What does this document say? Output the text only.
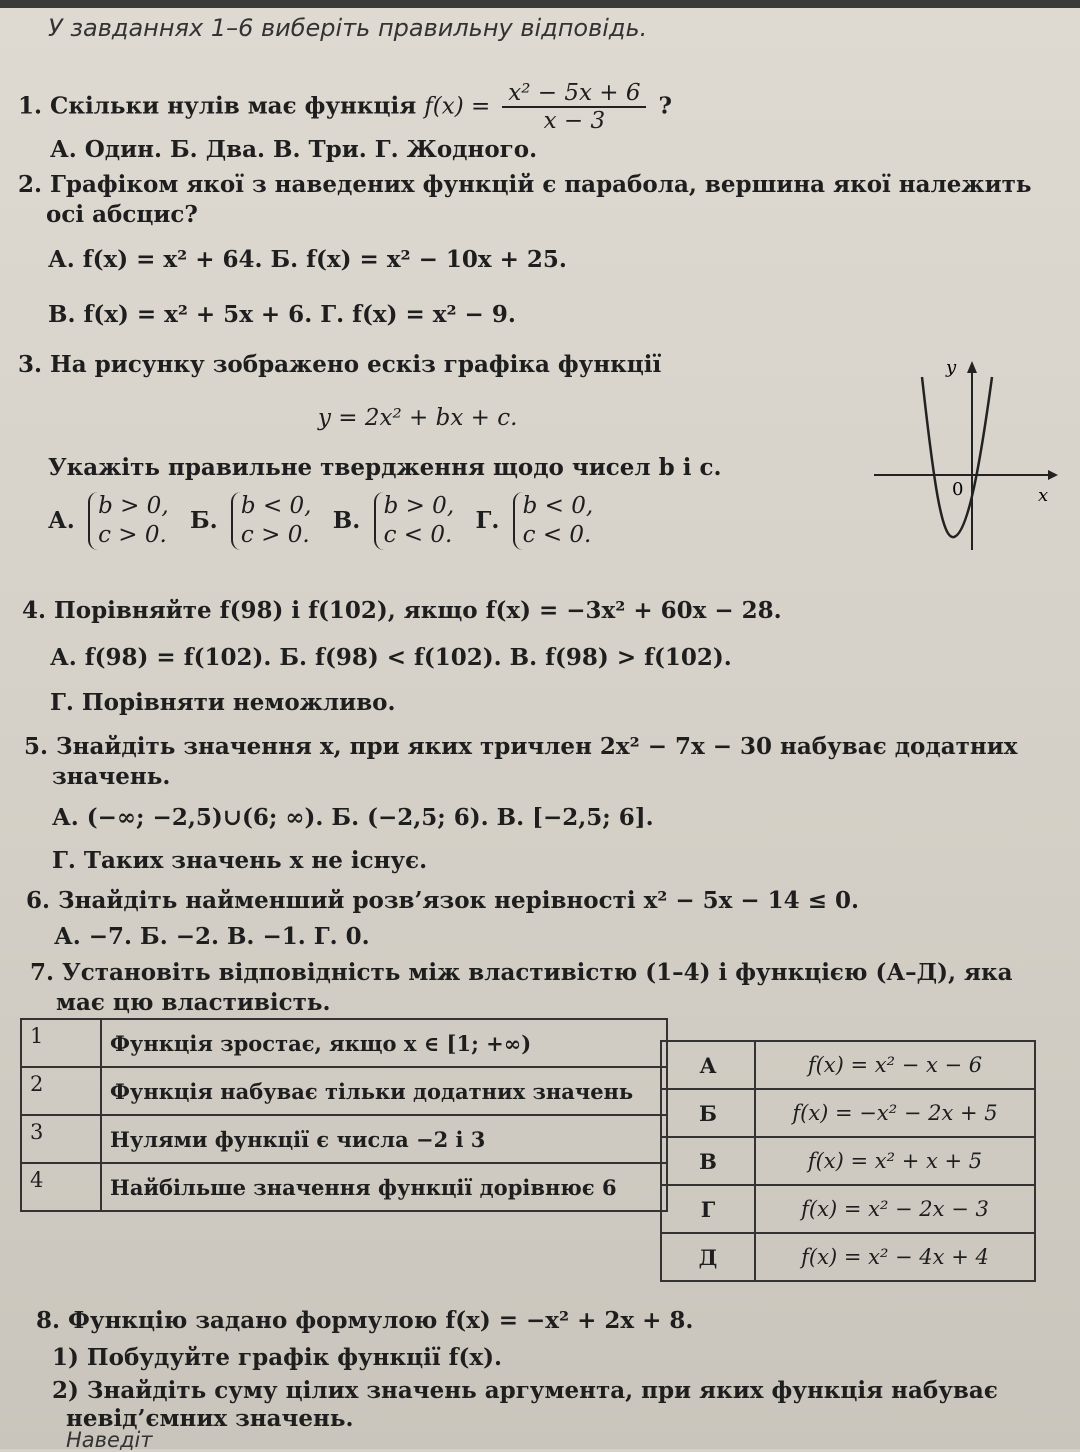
У завданнях 1–6 виберіть правильну відповідь.
1. Скільки нулів має функція $f(x) = \frac{\text{x² − 5x + 6}}{x - 3}$ ?
А. Один. Б. Два. В. Три. Г. Жодного.
2. Графіком якої з наведених функцій є парабола, вершина якої належить
осі абсцис?
А. f(x) = x² + 64. Б. f(x) = x² − 10x + 25.
В. f(x) = x² + 5x + 6. Г. f(x) = x² − 9.
3. На рисунку зображено ескіз графіка функції
y = 2x² + bx + c.
Укажіть правильне твердження щодо чисел b і c.
А. b > 0,
c > 0. Б. b < 0,
c > 0. В. b > 0,
c < 0. Г. b < 0,
c < 0.
y
x
0
4. Порівняйте f(98) і f(102), якщо f(x) = −3x² + 60x − 28.
А. f(98) = f(102). Б. f(98) < f(102). В. f(98) > f(102).
Г. Порівняти неможливо.
5. Знайдіть значення x, при яких тричлен 2x² − 7x − 30 набуває додатних
значень.
А. (−∞; −2,5)∪(6; ∞). Б. (−2,5; 6). В. [−2,5; 6].
Г. Таких значень x не існує.
6. Знайдіть найменший розв’язок нерівності x² − 5x − 14 ≤ 0.
А. −7. Б. −2. В. −1. Г. 0.
7. Установіть відповідність між властивістю (1–4) і функцією (А–Д), яка
має цю властивість.
1	Функція зростає, якщо x ∈ [1; +∞)
2	Функція набуває тільки додатних значень
3	Нулями функції є числа −2 і 3
4	Найбільше значення функції дорівнює 6
А	f(x) = x² − x − 6
Б	f(x) = −x² − 2x + 5
В	f(x) = x² + x + 5
Г	f(x) = x² − 2x − 3
Д	f(x) = x² − 4x + 4
8. Функцію задано формулою f(x) = −x² + 2x + 8.
1) Побудуйте графік функції f(x).
2) Знайдіть суму цілих значень аргумента, при яких функція набуває
невід’ємних значень.
Наведіт
